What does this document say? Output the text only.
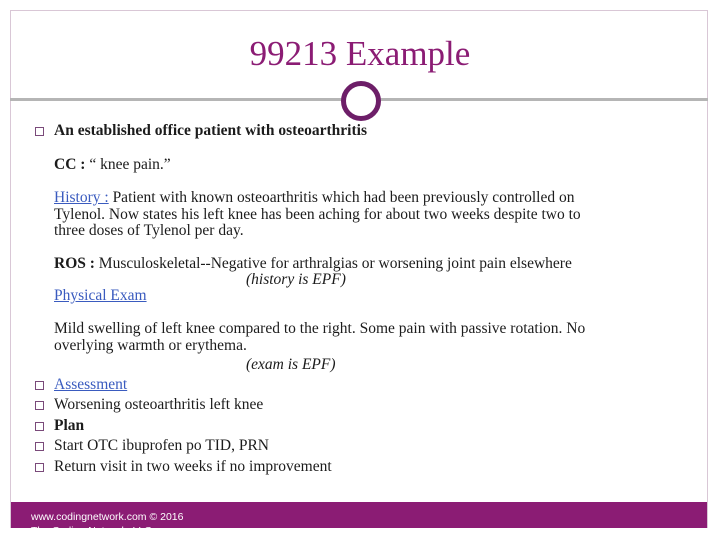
99213 Example
An established office patient with osteoarthritis
CC : “ knee pain.”
History : Patient with known osteoarthritis which had been previously controlled on
Tylenol. Now states his left knee has been aching for about two weeks despite two to
three doses of Tylenol per day.
ROS : Musculoskeletal--Negative for arthralgias or worsening joint pain elsewhere
(history is EPF)
Physical Exam
Mild swelling of left knee compared to the right. Some pain with passive rotation. No
overlying warmth or erythema.
(exam is EPF)
Assessment
Worsening osteoarthritis left knee
Plan
Start OTC ibuprofen po TID, PRN
Return visit in two weeks if no improvement
www.codingnetwork.com © 2016
The Coding Network, LLC
